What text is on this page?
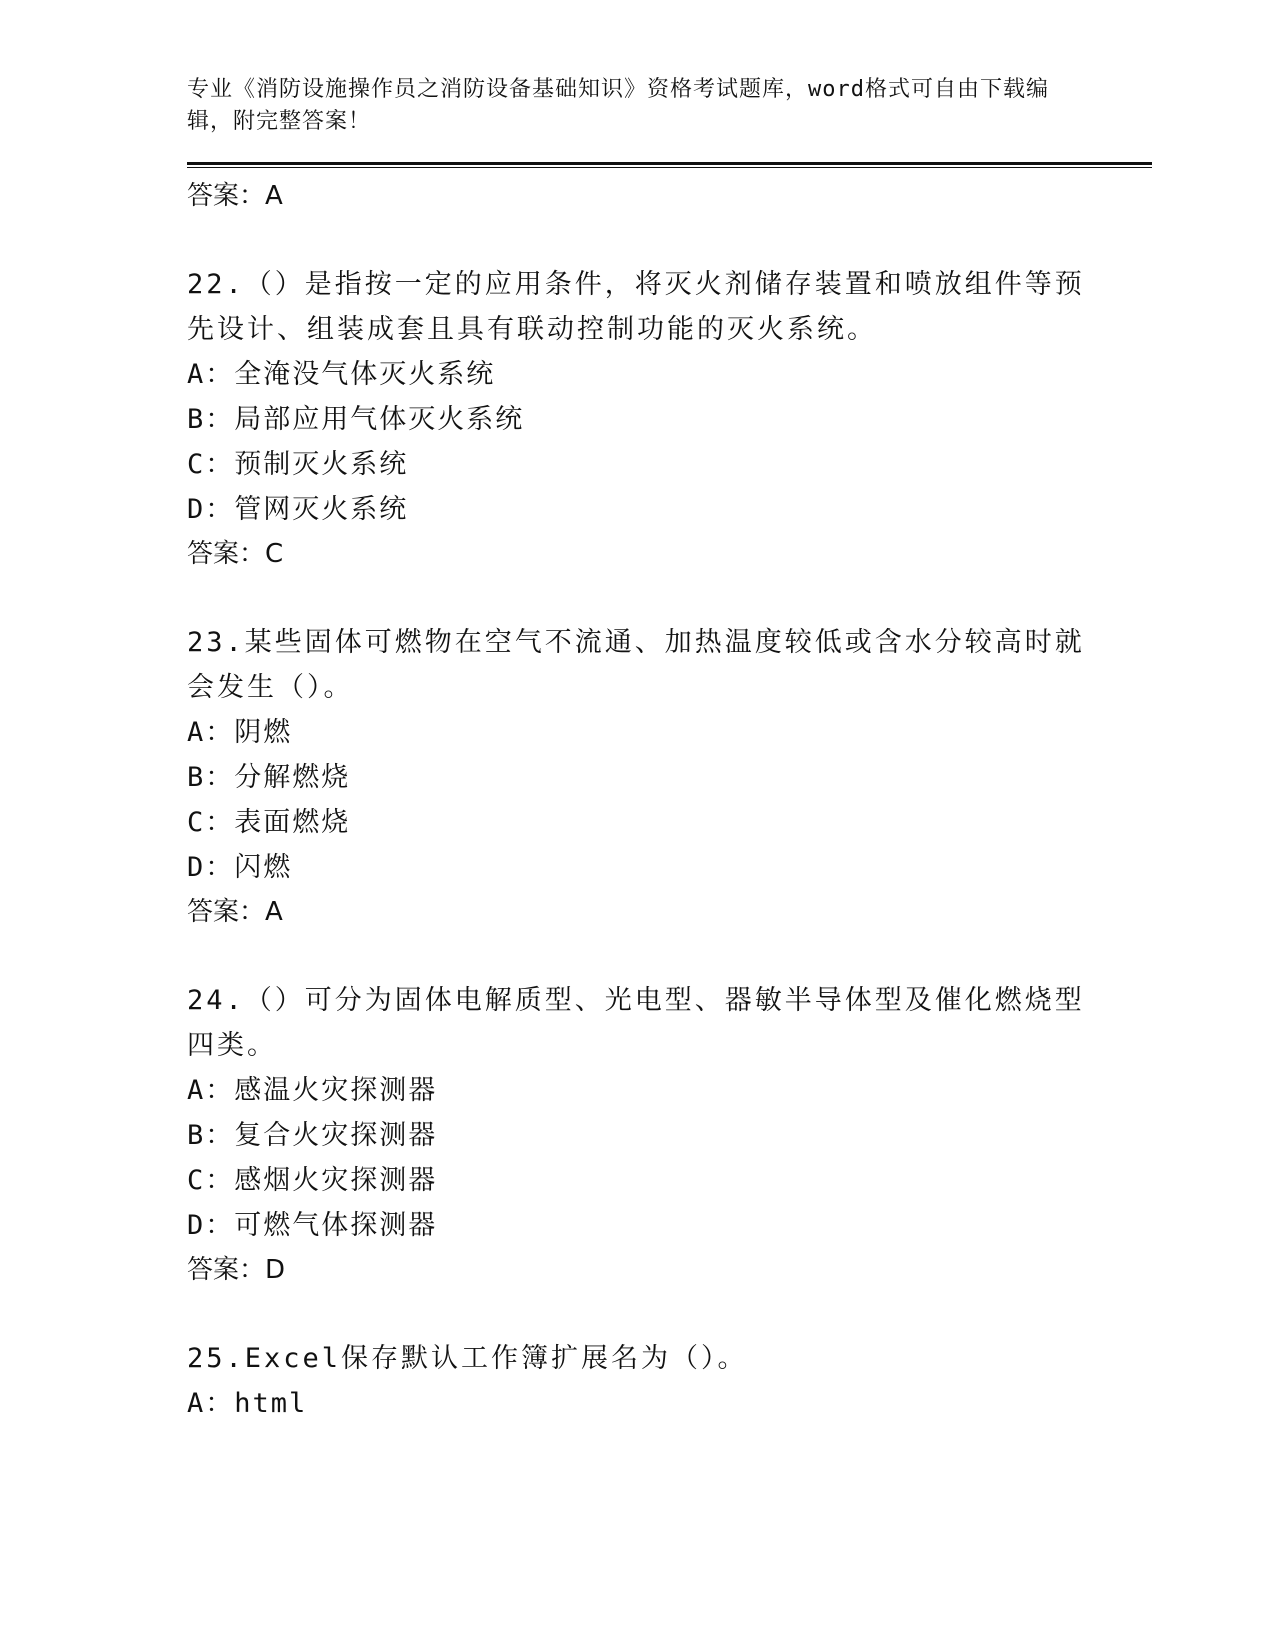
专业《消防设施操作员之消防设备基础知识》资格考试题库，word格式可自由下载编辑，附完整答案！

答案：A

22.（）是指按一定的应用条件，将灭火剂储存装置和喷放组件等预先设计、组装成套且具有联动控制功能的灭火系统。

A：全淹没气体灭火系统

B：局部应用气体灭火系统

C：预制灭火系统

D：管网灭火系统

答案：C

23.某些固体可燃物在空气不流通、加热温度较低或含水分较高时就会发生（）。

A：阴燃

B：分解燃烧

C：表面燃烧

D：闪燃

答案：A

24.（）可分为固体电解质型、光电型、器敏半导体型及催化燃烧型四类。

A：感温火灾探测器

B：复合火灾探测器

C：感烟火灾探测器

D：可燃气体探测器

答案：D

25.Excel保存默认工作簿扩展名为（）。

A：html
